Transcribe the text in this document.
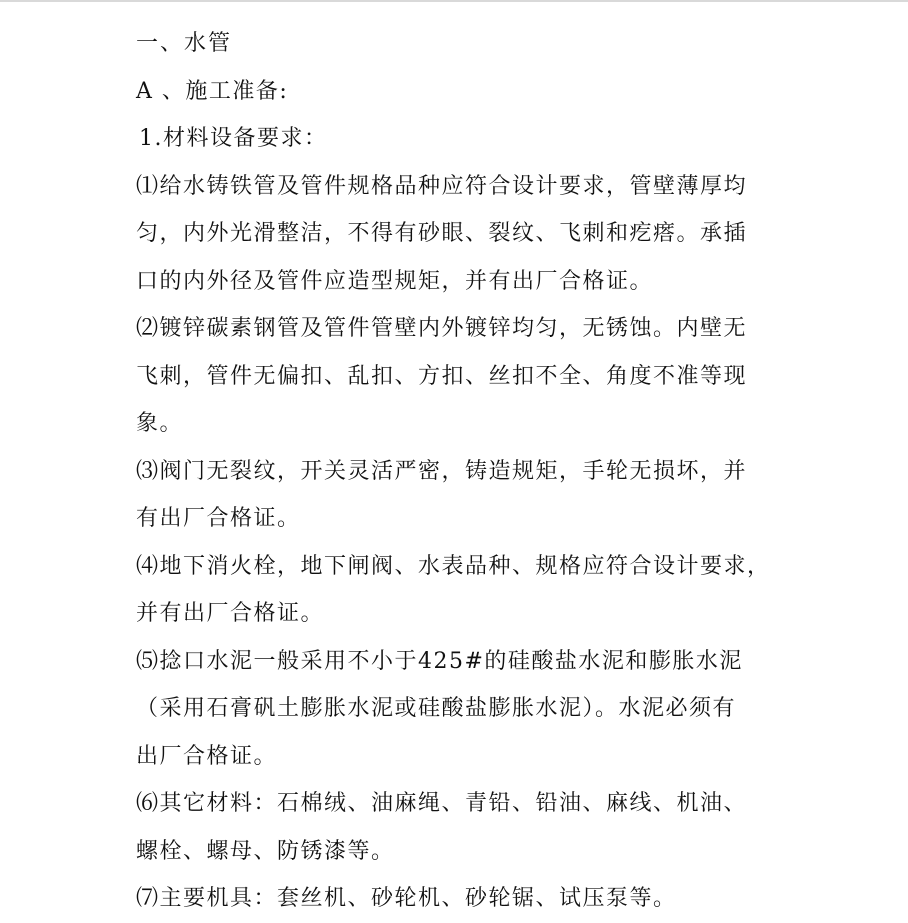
一、水管
A 、施工准备:
1.材料设备要求：
⑴给水铸铁管及管件规格品种应符合设计要求，管壁薄厚均
匀，内外光滑整洁，不得有砂眼、裂纹、飞刺和疙瘩。承插
口的内外径及管件应造型规矩，并有出厂合格证。
⑵镀锌碳素钢管及管件管壁内外镀锌均匀，无锈蚀。内壁无
飞刺，管件无偏扣、乱扣、方扣、丝扣不全、角度不准等现
象。
⑶阀门无裂纹，开关灵活严密，铸造规矩，手轮无损坏，并
有出厂合格证。
⑷地下消火栓，地下闸阀、水表品种、规格应符合设计要求，
并有出厂合格证。
⑸捻口水泥一般采用不小于425#的硅酸盐水泥和膨胀水泥
（采用石膏矾土膨胀水泥或硅酸盐膨胀水泥）。水泥必须有
出厂合格证。
⑹其它材料：石棉绒、油麻绳、青铅、铅油、麻线、机油、
螺栓、螺母、防锈漆等。
⑺主要机具：套丝机、砂轮机、砂轮锯、试压泵等。
